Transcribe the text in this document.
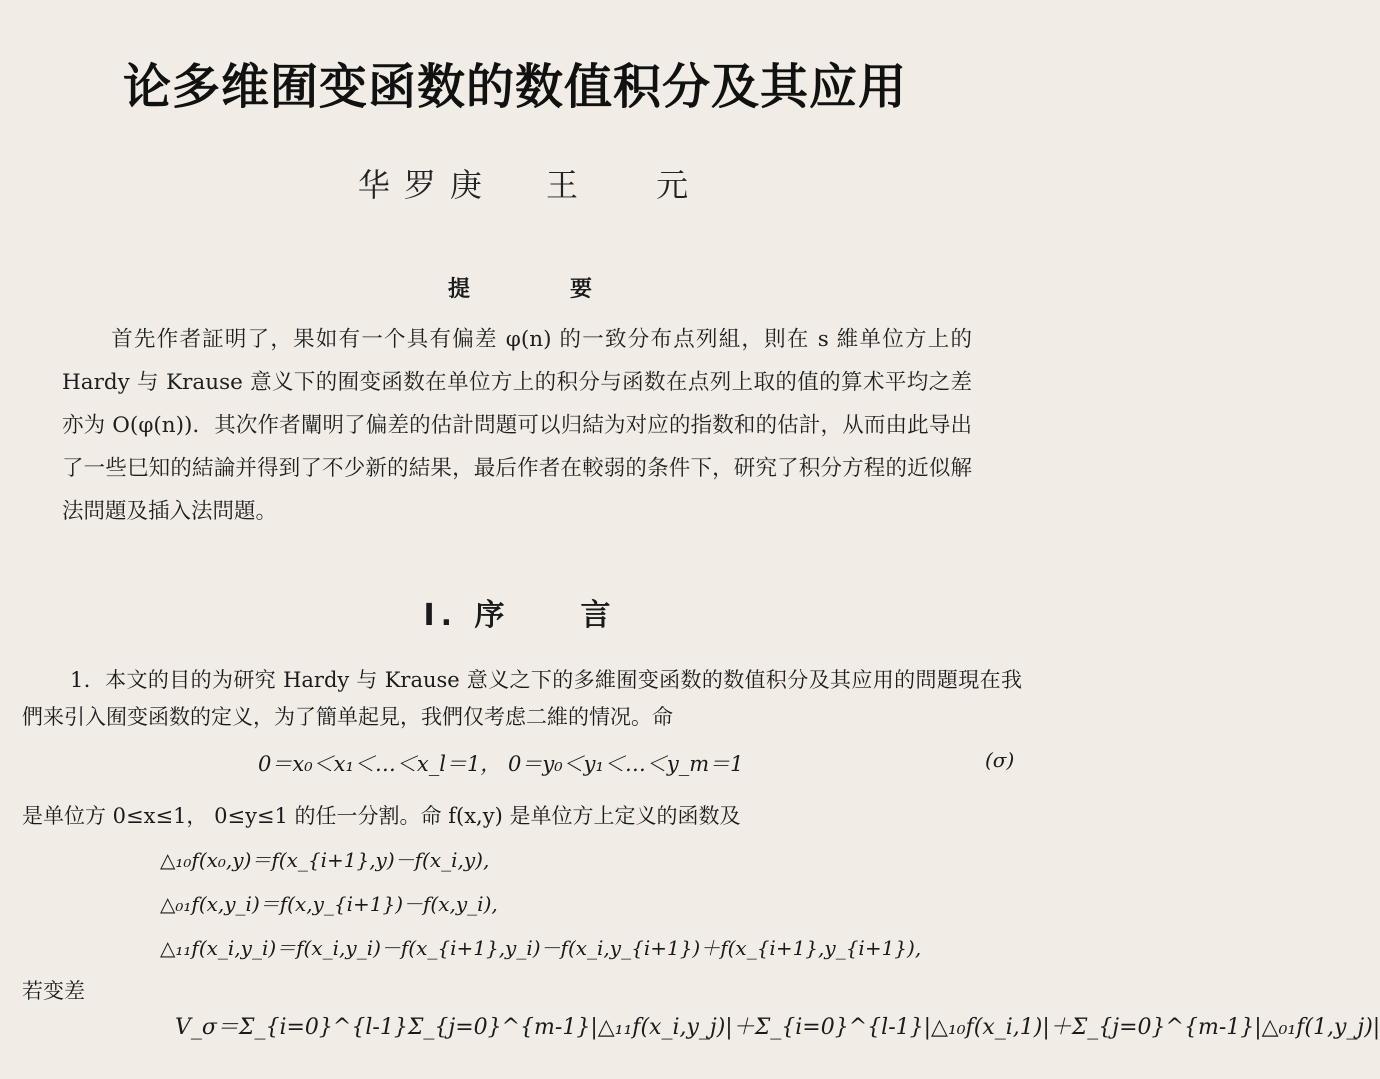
论多维囿变函数的数值积分及其应用
华罗庚 王 元
提要
首先作者証明了，果如有一个具有偏差 φ(n) 的一致分布点列組，則在 s 維单位方上的 Hardy 与 Krause 意义下的囿变函数在单位方上的积分与函数在点列上取的值的算术平均之差亦为 O(φ(n))．其次作者闡明了偏差的估計問題可以归結为对应的指数和的估計，从而由此导出了一些巳知的結論并得到了不少新的結果，最后作者在較弱的条件下，研究了积分方程的近似解法問題及插入法問題。
I. 序 言
1．本文的目的为研究 Hardy 与 Krause 意义之下的多維囿变函数的数值积分及其应用的問題現在我們来引入囿变函数的定义，为了簡单起見，我們仅考虑二維的情况。命
0＝x₀＜x₁＜…＜x_l＝1， 0＝y₀＜y₁＜…＜y_m＝1	(σ)
是单位方 0≤x≤1， 0≤y≤1 的任一分割。命 f(x,y) 是单位方上定义的函数及
△₁₀f(x₀,y)＝f(x_{i+1},y)－f(x_i,y),
△₀₁f(x,y_i)＝f(x,y_{i+1})－f(x,y_i),
△₁₁f(x_i,y_i)＝f(x_i,y_i)－f(x_{i+1},y_i)－f(x_i,y_{i+1})＋f(x_{i+1},y_{i+1}),
若变差
V_σ＝Σ_{i=0}^{l-1}Σ_{j=0}^{m-1}|△₁₁f(x_i,y_j)|＋Σ_{i=0}^{l-1}|△₁₀f(x_i,1)|＋Σ_{j=0}^{m-1}|△₀₁f(1,y_j)|
